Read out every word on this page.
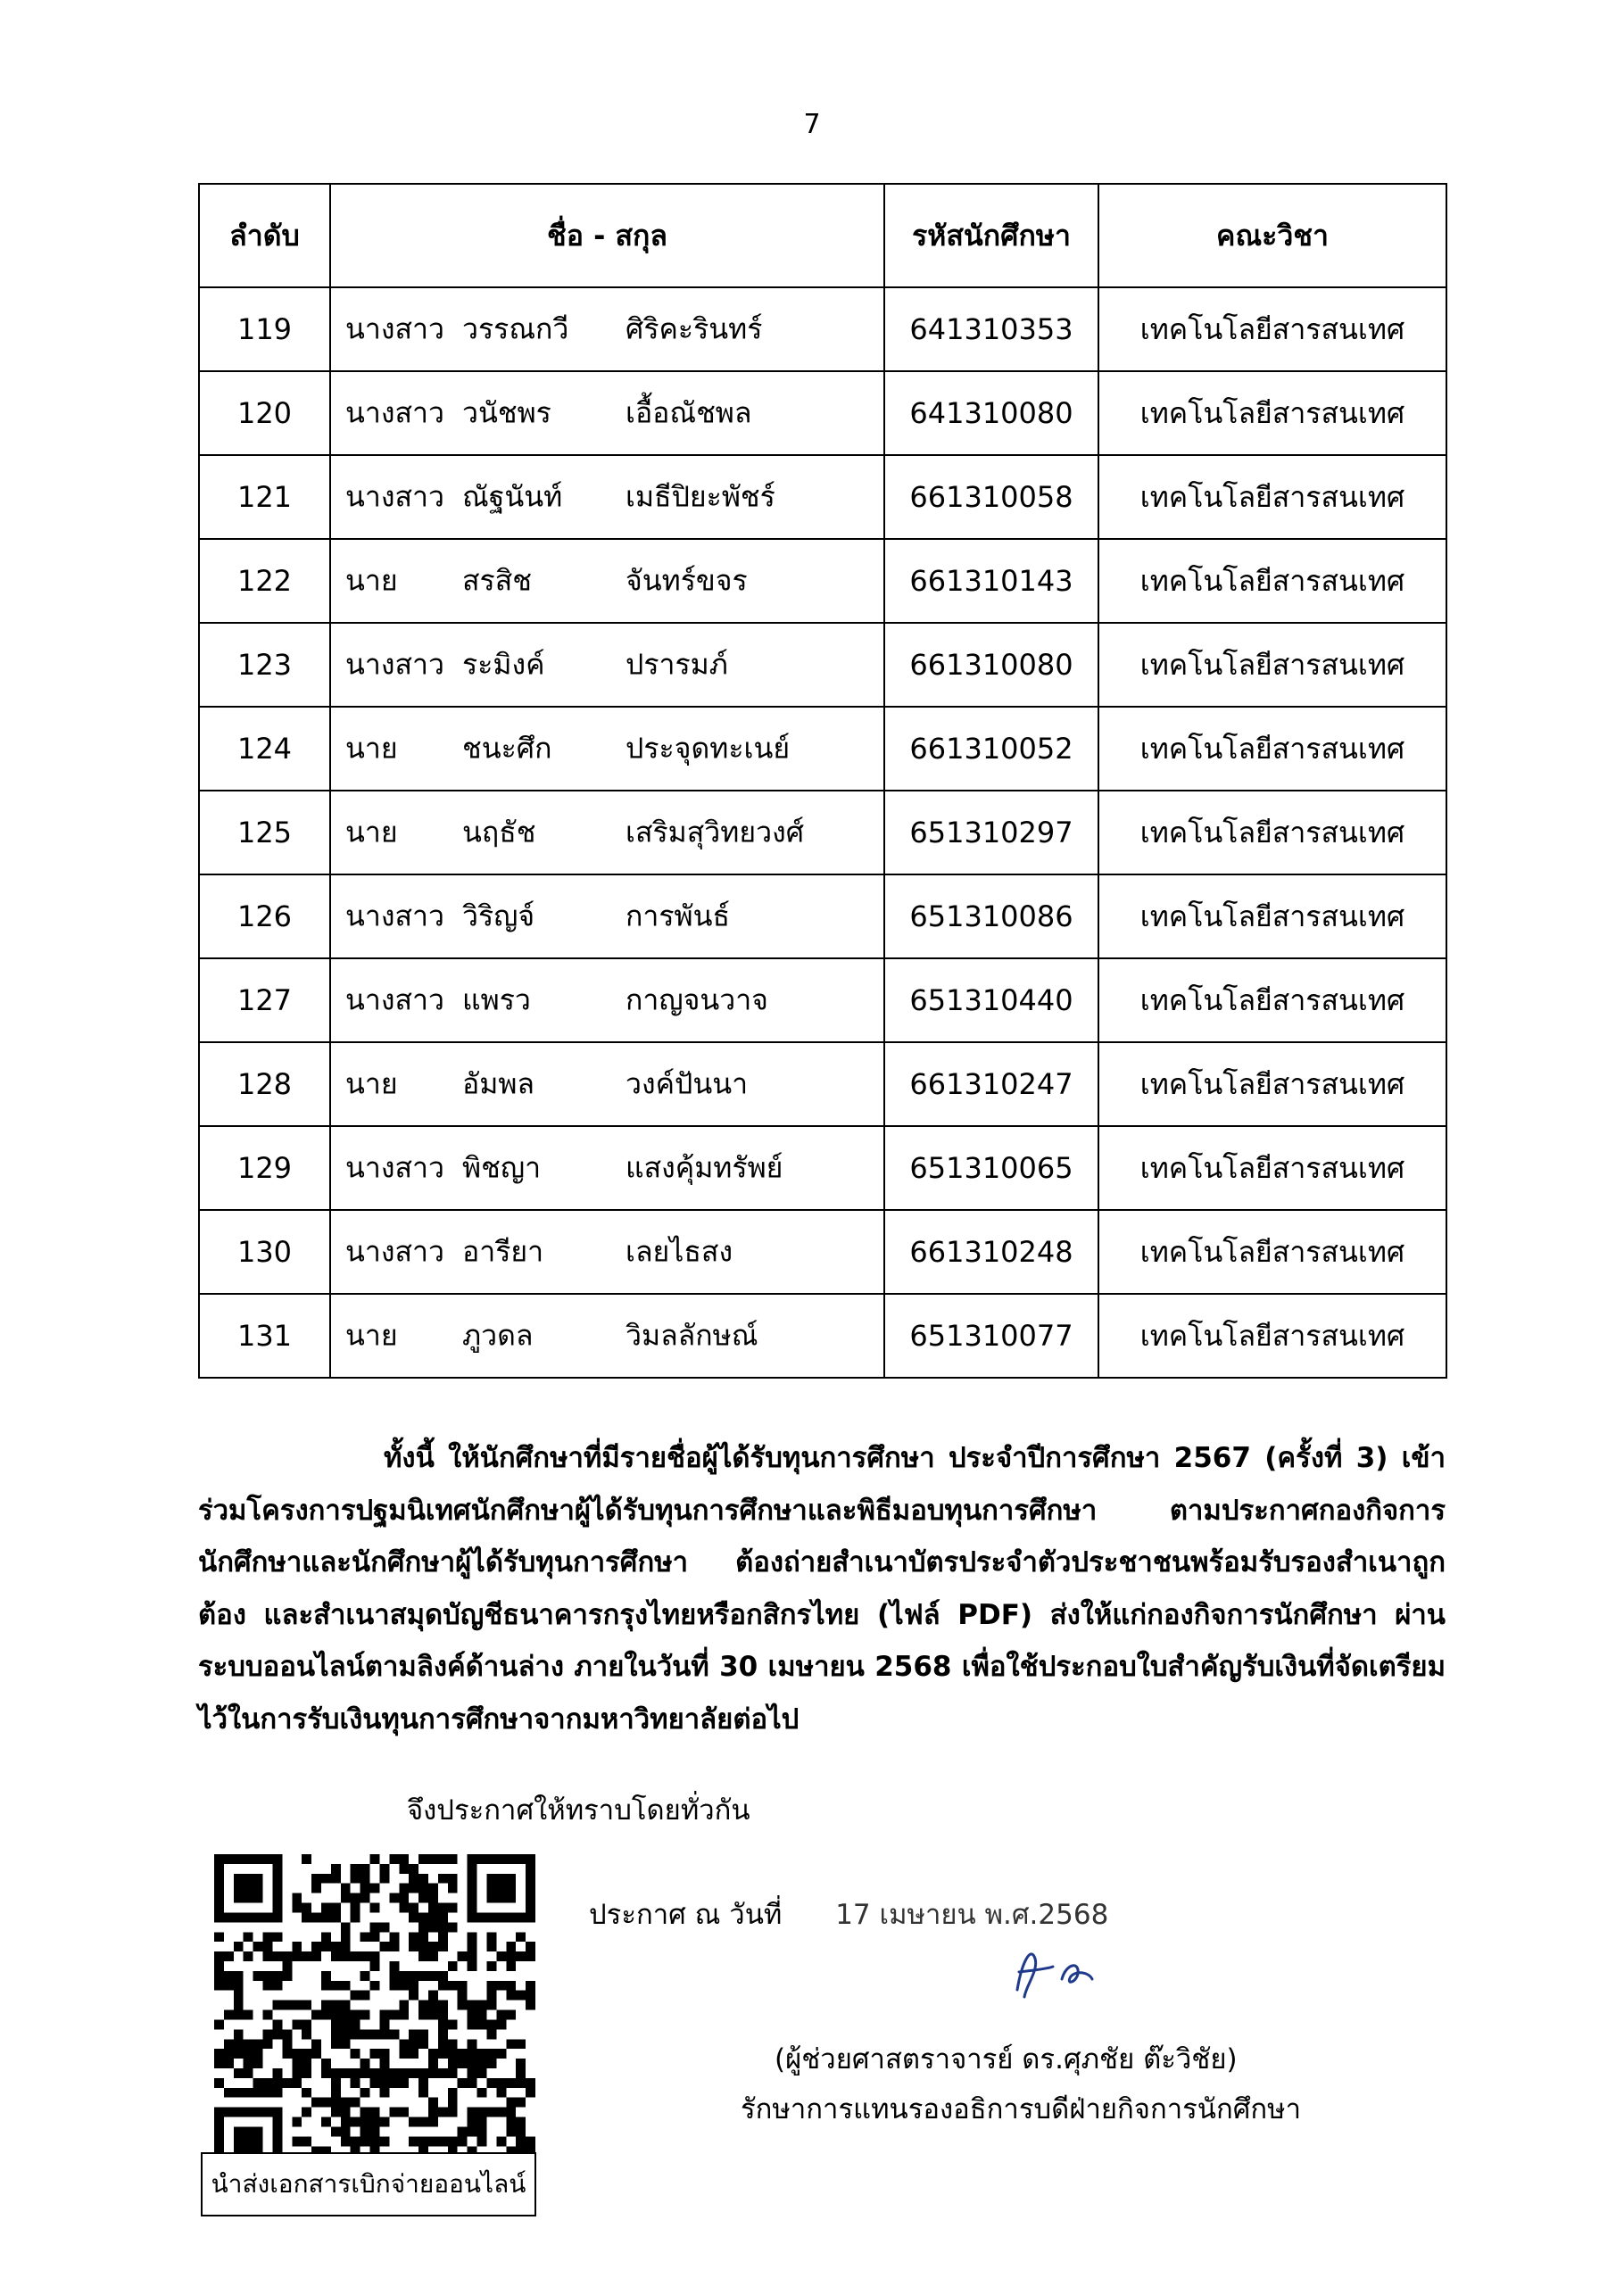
7
ลำดับ	ชื่อ - สกุล	รหัสนักศึกษา	คณะวิชา
119	นางสาว วรรณกวี ศิริคะรินทร์	641310353	เทคโนโลยีสารสนเทศ
120	นางสาว วนัชพร เอื้อณัชพล	641310080	เทคโนโลยีสารสนเทศ
121	นางสาว ณัฐนันท์ เมธีปิยะพัชร์	661310058	เทคโนโลยีสารสนเทศ
122	นาย สรสิช จันทร์ขจร	661310143	เทคโนโลยีสารสนเทศ
123	นางสาว ระมิงค์ ปรารมภ์	661310080	เทคโนโลยีสารสนเทศ
124	นาย ชนะศึก ประจุดทะเนย์	661310052	เทคโนโลยีสารสนเทศ
125	นาย นฤธัช เสริมสุวิทยวงศ์	651310297	เทคโนโลยีสารสนเทศ
126	นางสาว วิริญจ์ การพันธ์	651310086	เทคโนโลยีสารสนเทศ
127	นางสาว แพรว กาญจนวาจ	651310440	เทคโนโลยีสารสนเทศ
128	นาย อัมพล วงค์ปันนา	661310247	เทคโนโลยีสารสนเทศ
129	นางสาว พิชญา แสงคุ้มทรัพย์	651310065	เทคโนโลยีสารสนเทศ
130	นางสาว อารียา เลยไธสง	661310248	เทคโนโลยีสารสนเทศ
131	นาย ภูวดล วิมลลักษณ์	651310077	เทคโนโลยีสารสนเทศ
ทั้งนี้ ให้นักศึกษาที่มีรายชื่อผู้ได้รับทุนการศึกษา ประจำปีการศึกษา 2567 (ครั้งที่ 3) เข้าร่วมโครงการปฐมนิเทศนักศึกษาผู้ได้รับทุนการศึกษาและพิธีมอบทุนการศึกษา ตามประกาศกองกิจการนักศึกษาและนักศึกษาผู้ได้รับทุนการศึกษา ต้องถ่ายสำเนาบัตรประจำตัวประชาชนพร้อมรับรองสำเนาถูกต้อง และสำเนาสมุดบัญชีธนาคารกรุงไทยหรือกสิกรไทย (ไฟล์ PDF) ส่งให้แก่กองกิจการนักศึกษา ผ่านระบบออนไลน์ตามลิงค์ด้านล่าง ภายในวันที่ 30 เมษายน 2568 เพื่อใช้ประกอบใบสำคัญรับเงินที่จัดเตรียมไว้ในการรับเงินทุนการศึกษาจากมหาวิทยาลัยต่อไป
จึงประกาศให้ทราบโดยทั่วกัน
นำส่งเอกสารเบิกจ่ายออนไลน์
ประกาศ ณ วันที่ 17 เมษายน พ.ศ.2568
(ผู้ช่วยศาสตราจารย์ ดร.ศุภชัย ต๊ะวิชัย)
รักษาการแทนรองอธิการบดีฝ่ายกิจการนักศึกษา
